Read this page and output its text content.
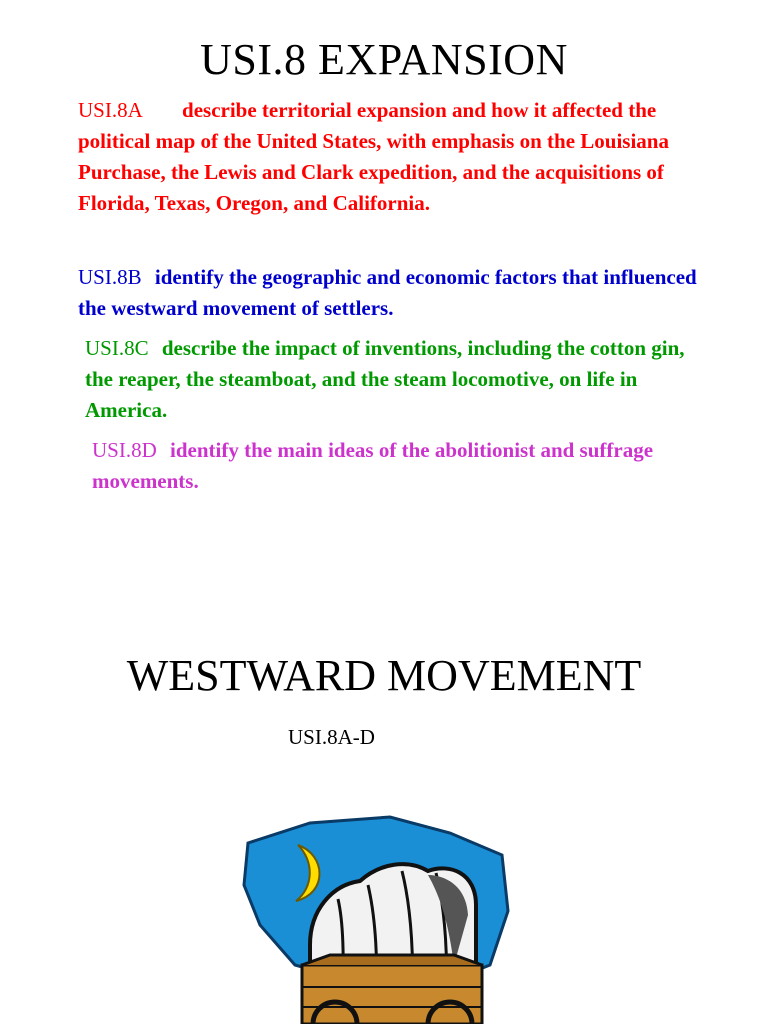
USI.8 EXPANSION
USI.8A describe territorial expansion and how it affected the political map of the United States, with emphasis on the Louisiana Purchase, the Lewis and Clark expedition, and the acquisitions of Florida, Texas, Oregon, and California.
USI.8B identify the geographic and economic factors that influenced the westward movement of settlers.
USI.8C describe the impact of inventions, including the cotton gin, the reaper, the steamboat, and the steam locomotive, on life in America.
USI.8D identify the main ideas of the abolitionist and suffrage movements.
WESTWARD MOVEMENT
USI.8A-D
